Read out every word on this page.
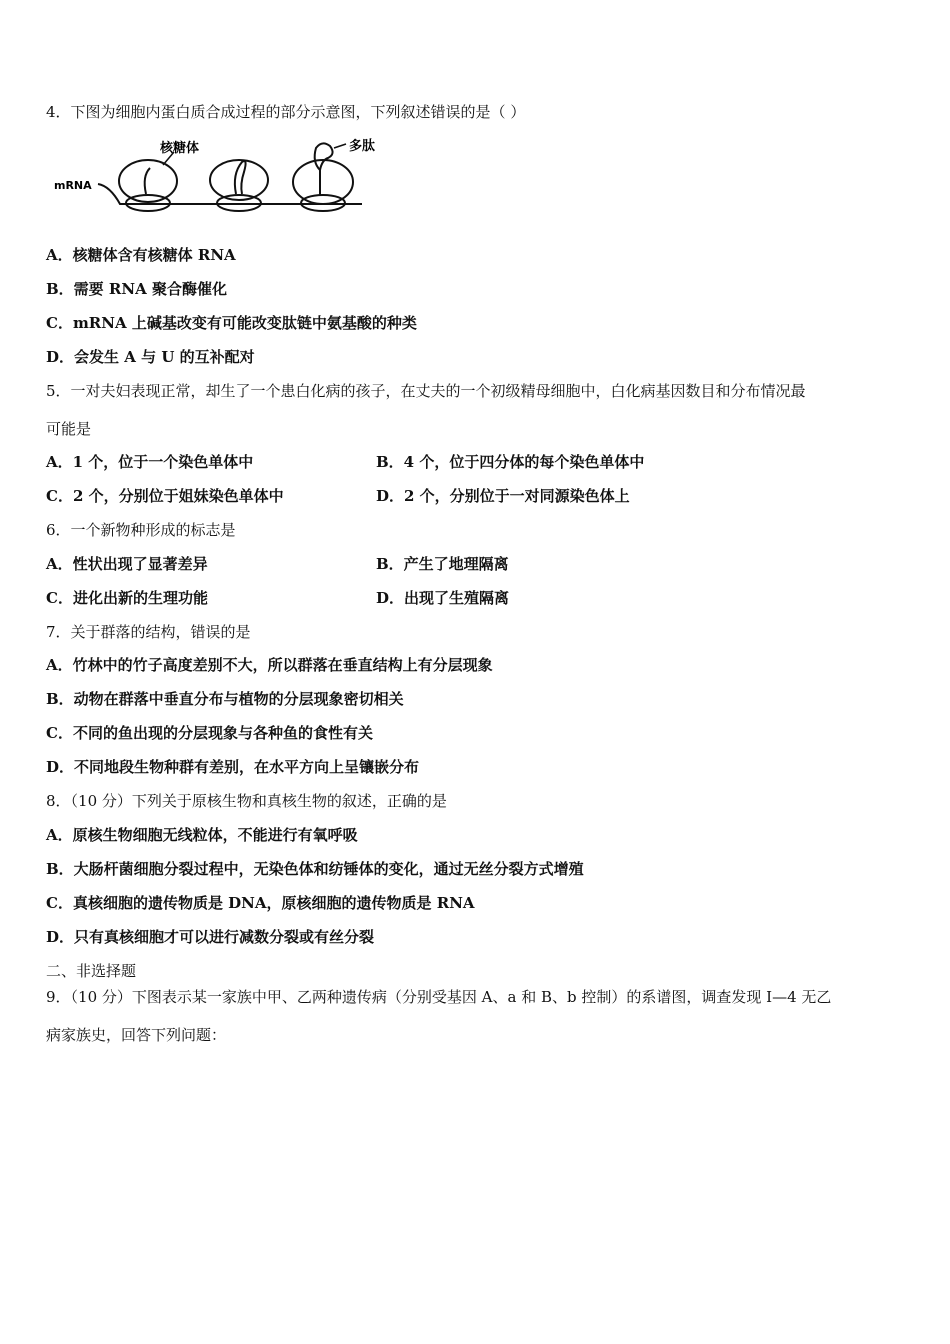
4．下图为细胞内蛋白质合成过程的部分示意图，下列叙述错误的是（ ）
核糖体	多肽
mRNA
A．核糖体含有核糖体 RNA
B．需要 RNA 聚合酶催化
C．mRNA 上碱基改变有可能改变肽链中氨基酸的种类
D．会发生 A 与 U 的互补配对
5．一对夫妇表现正常，却生了一个患白化病的孩子，在丈夫的一个初级精母细胞中，白化病基因数目和分布情况最
可能是
A．1 个，位于一个染色单体中	B．4 个，位于四分体的每个染色单体中
C．2 个，分别位于姐妹染色单体中	D．2 个，分别位于一对同源染色体上
6．一个新物种形成的标志是
A．性状出现了显著差异	B．产生了地理隔离
C．进化出新的生理功能	D．出现了生殖隔离
7．关于群落的结构，错误的是
A．竹林中的竹子高度差别不大，所以群落在垂直结构上有分层现象
B．动物在群落中垂直分布与植物的分层现象密切相关
C．不同的鱼出现的分层现象与各种鱼的食性有关
D．不同地段生物种群有差别，在水平方向上呈镶嵌分布
8．（10 分）下列关于原核生物和真核生物的叙述，正确的是
A．原核生物细胞无线粒体，不能进行有氧呼吸
B．大肠杆菌细胞分裂过程中，无染色体和纺锤体的变化，通过无丝分裂方式增殖
C．真核细胞的遗传物质是 DNA，原核细胞的遗传物质是 RNA
D．只有真核细胞才可以进行减数分裂或有丝分裂
二、非选择题
9．（10 分）下图表示某一家族中甲、乙两种遗传病（分别受基因 A、a 和 B、b 控制）的系谱图，调查发现 Ⅰ—4 无乙
病家族史，回答下列问题：
